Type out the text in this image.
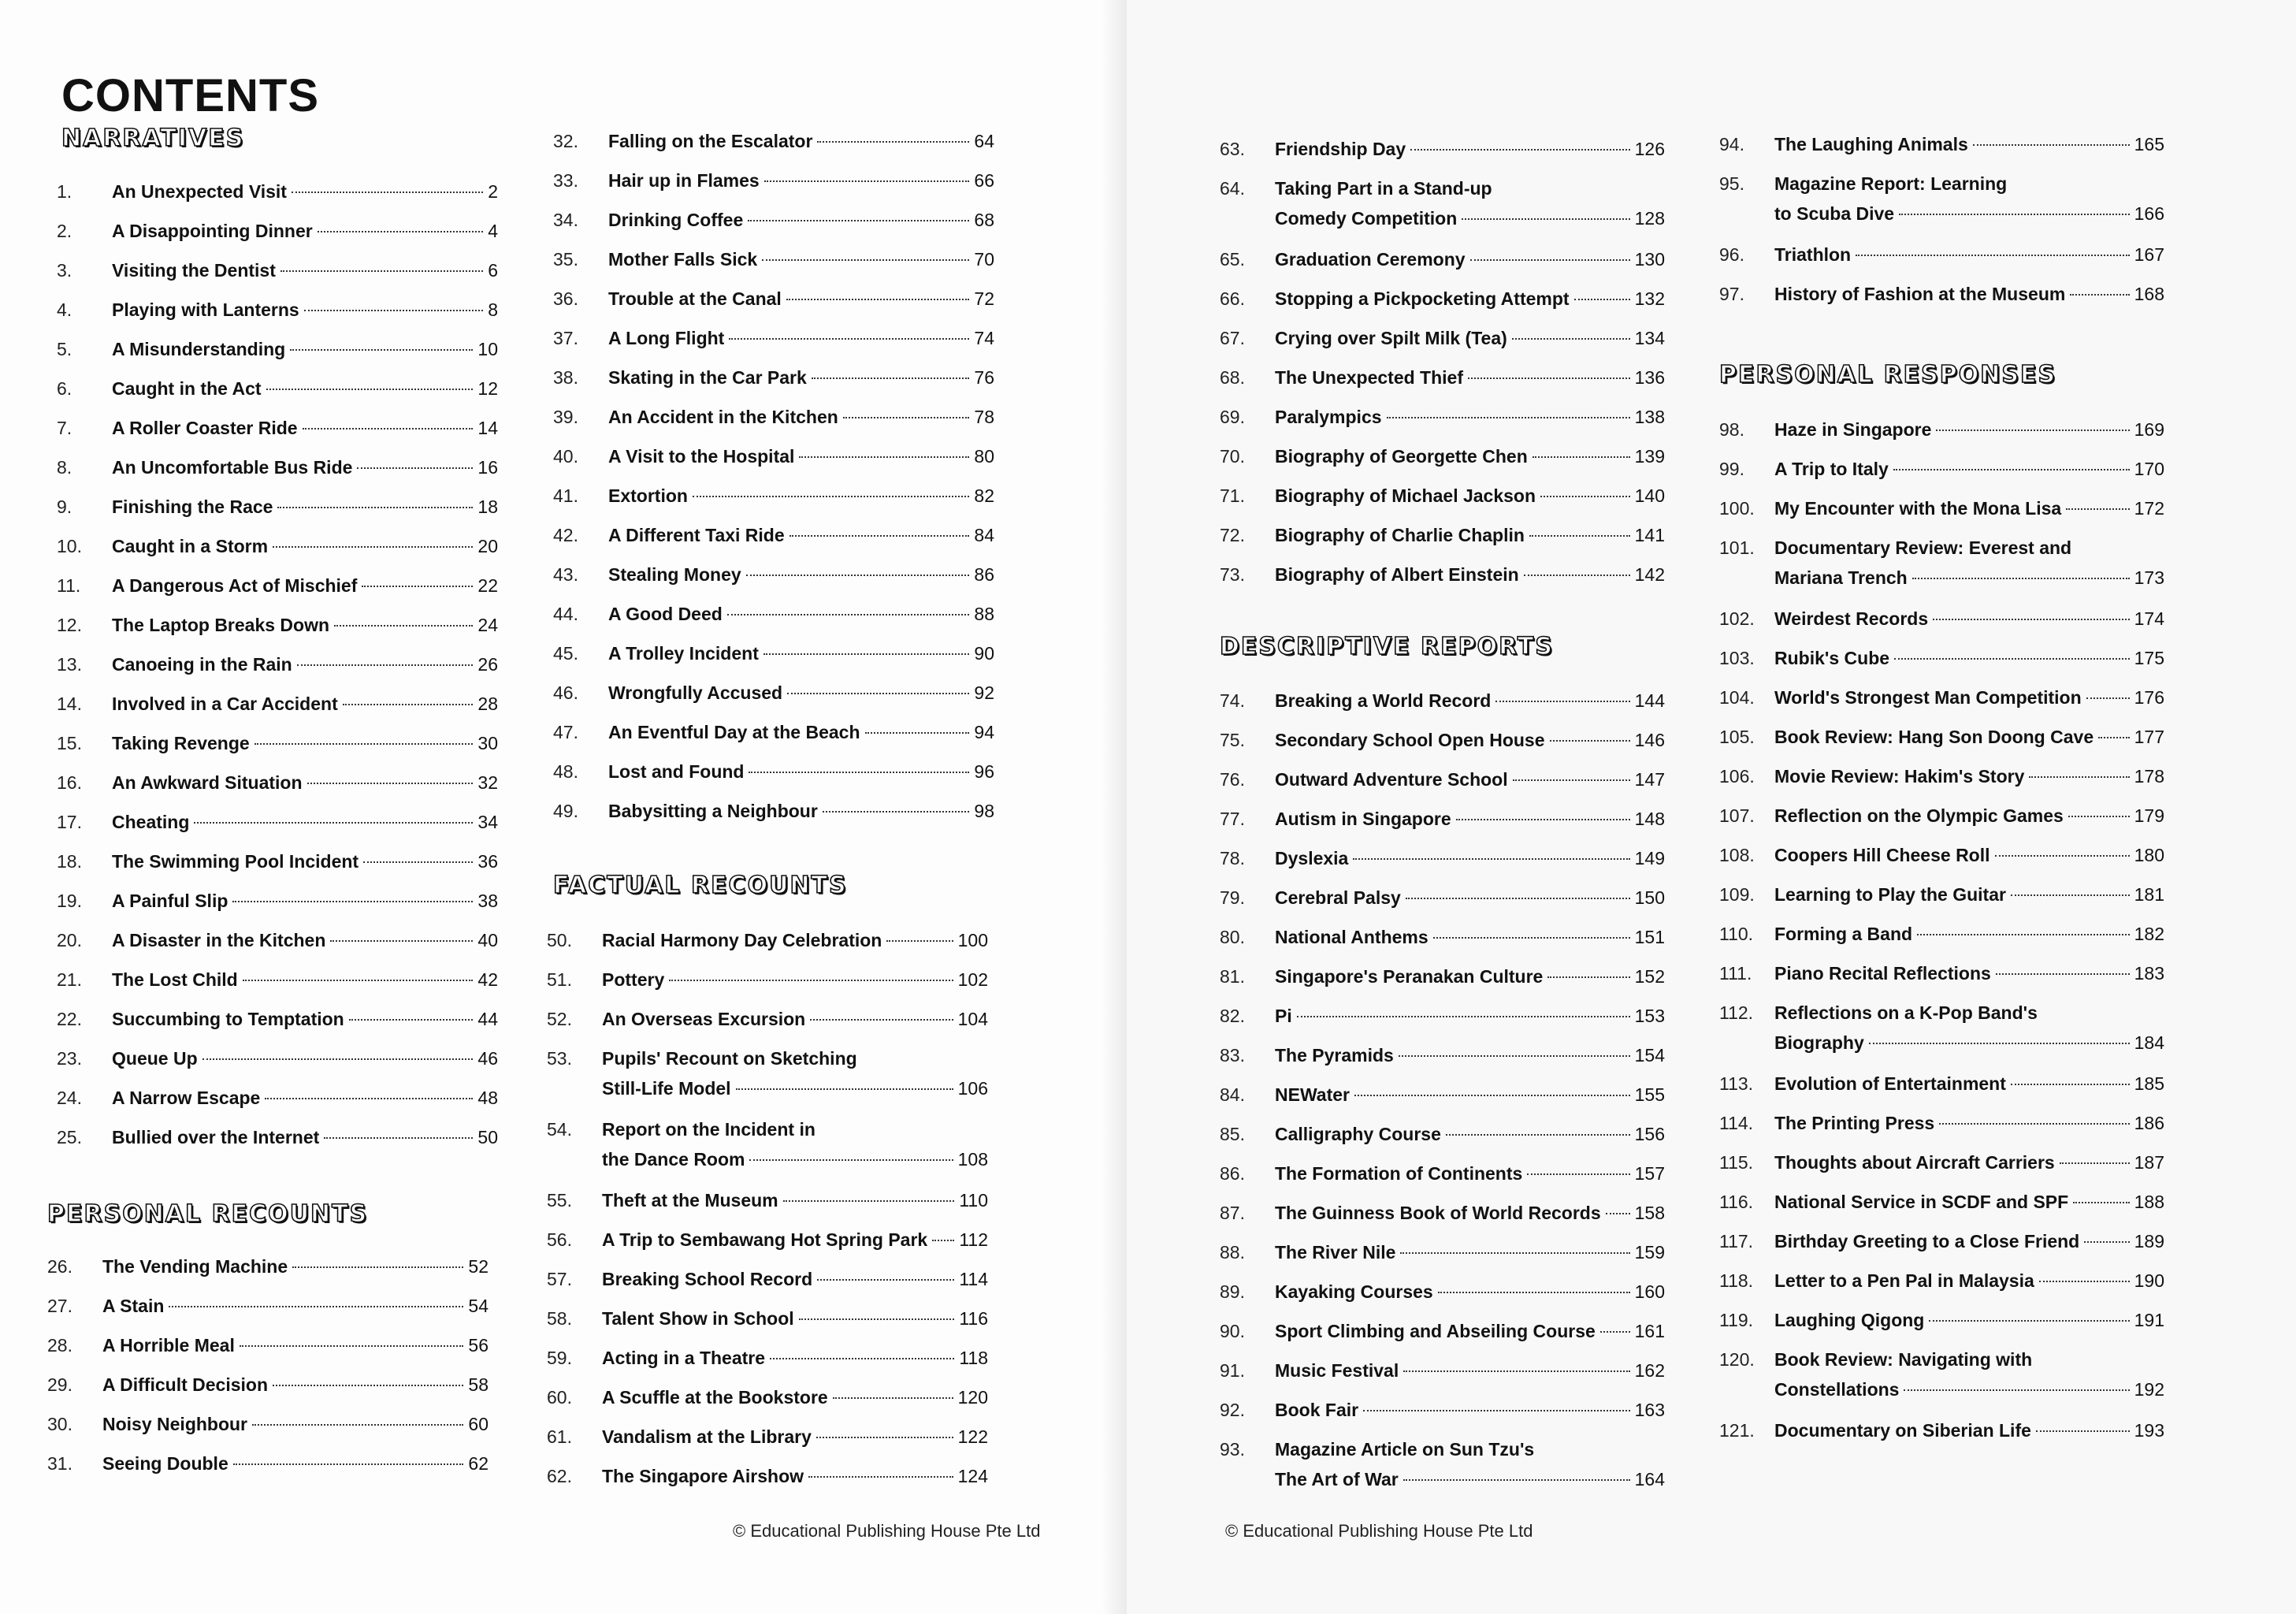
CONTENTS
NARRATIVES
1.	An Unexpected Visit	2
2.	A Disappointing Dinner	4
3.	Visiting the Dentist	6
4.	Playing with Lanterns	8
5.	A Misunderstanding	10
6.	Caught in the Act	12
7.	A Roller Coaster Ride	14
8.	An Uncomfortable Bus Ride	16
9.	Finishing the Race	18
10.	Caught in a Storm	20
11.	A Dangerous Act of Mischief	22
12.	The Laptop Breaks Down	24
13.	Canoeing in the Rain	26
14.	Involved in a Car Accident	28
15.	Taking Revenge	30
16.	An Awkward Situation	32
17.	Cheating	34
18.	The Swimming Pool Incident	36
19.	A Painful Slip	38
20.	A Disaster in the Kitchen	40
21.	The Lost Child	42
22.	Succumbing to Temptation	44
23.	Queue Up	46
24.	A Narrow Escape	48
25.	Bullied over the Internet	50
PERSONAL RECOUNTS
26.	The Vending Machine	52
27.	A Stain	54
28.	A Horrible Meal	56
29.	A Difficult Decision	58
30.	Noisy Neighbour	60
31.	Seeing Double	62
32.	Falling on the Escalator	64
33.	Hair up in Flames	66
34.	Drinking Coffee	68
35.	Mother Falls Sick	70
36.	Trouble at the Canal	72
37.	A Long Flight	74
38.	Skating in the Car Park	76
39.	An Accident in the Kitchen	78
40.	A Visit to the Hospital	80
41.	Extortion	82
42.	A Different Taxi Ride	84
43.	Stealing Money	86
44.	A Good Deed	88
45.	A Trolley Incident	90
46.	Wrongfully Accused	92
47.	An Eventful Day at the Beach	94
48.	Lost and Found	96
49.	Babysitting a Neighbour	98
FACTUAL RECOUNTS
50.	Racial Harmony Day Celebration	100
51.	Pottery	102
52.	An Overseas Excursion	104
53.	Pupils' Recount on Sketching
Still-Life Model	106
54.	Report on the Incident in
the Dance Room	108
55.	Theft at the Museum	110
56.	A Trip to Sembawang Hot Spring Park 112
57.	Breaking School Record	114
58.	Talent Show in School	116
59.	Acting in a Theatre	118
60.	A Scuffle at the Bookstore	120
61.	Vandalism at the Library	122
62.	The Singapore Airshow	124
© Educational Publishing House Pte Ltd
63.	Friendship Day	126
64.	Taking Part in a Stand-up
Comedy Competition	128
65.	Graduation Ceremony	130
66.	Stopping a Pickpocketing Attempt	132
67.	Crying over Spilt Milk (Tea)	134
68.	The Unexpected Thief	136
69.	Paralympics	138
70.	Biography of Georgette Chen	139
71.	Biography of Michael Jackson	140
72.	Biography of Charlie Chaplin	141
73.	Biography of Albert Einstein	142
DESCRIPTIVE REPORTS
74.	Breaking a World Record	144
75.	Secondary School Open House	146
76.	Outward Adventure School	147
77.	Autism in Singapore	148
78.	Dyslexia	149
79.	Cerebral Palsy	150
80.	National Anthems	151
81.	Singapore's Peranakan Culture	152
82.	Pi	153
83.	The Pyramids	154
84.	NEWater	155
85.	Calligraphy Course	156
86.	The Formation of Continents	157
87.	The Guinness Book of World Records 158
88.	The River Nile	159
89.	Kayaking Courses	160
90.	Sport Climbing and Abseiling Course 161
91.	Music Festival	162
92.	Book Fair	163
93.	Magazine Article on Sun Tzu's
The Art of War	164
94.	The Laughing Animals	165
95.	Magazine Report: Learning
to Scuba Dive	166
96.	Triathlon	167
97.	History of Fashion at the Museum	168
PERSONAL RESPONSES
98.	Haze in Singapore	169
99.	A Trip to Italy	170
100.	My Encounter with the Mona Lisa	172
101.	Documentary Review: Everest and
Mariana Trench	173
102.	Weirdest Records	174
103.	Rubik's Cube	175
104.	World's Strongest Man Competition	176
105.	Book Review: Hang Son Doong Cave 177
106.	Movie Review: Hakim's Story	178
107.	Reflection on the Olympic Games	179
108.	Coopers Hill Cheese Roll	180
109.	Learning to Play the Guitar	181
110.	Forming a Band	182
111.	Piano Recital Reflections	183
112.	Reflections on a K-Pop Band's
Biography	184
113.	Evolution of Entertainment	185
114.	The Printing Press	186
115.	Thoughts about Aircraft Carriers	187
116.	National Service in SCDF and SPF	188
117.	Birthday Greeting to a Close Friend	189
118.	Letter to a Pen Pal in Malaysia	190
119.	Laughing Qigong	191
120.	Book Review: Navigating with
Constellations	192
121.	Documentary on Siberian Life	193
© Educational Publishing House Pte Ltd
